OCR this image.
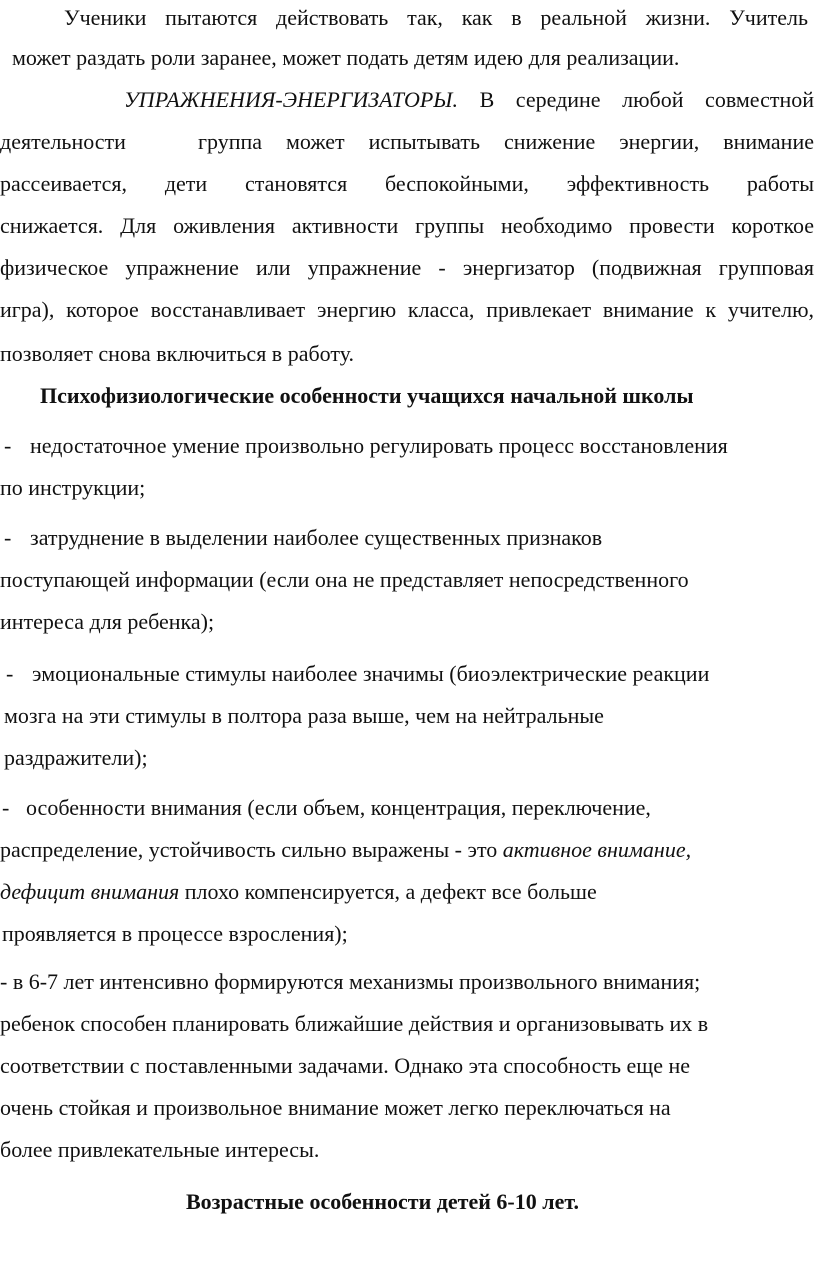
Ученики пытаются действовать так, как в реальной жизни. Учитель
может раздать роли заранее, может подать детям идею для реализации.
УПРАЖНЕНИЯ-ЭНЕРГИЗАТОРЫ. В середине любой совместной
деятельности	группа может испытывать снижение энергии, внимание
рассеивается, дети становятся беспокойными, эффективность работы
снижается. Для оживления активности группы необходимо провести короткое
физическое упражнение или упражнение - энергизатор (подвижная групповая
игра), которое восстанавливает энергию класса, привлекает внимание к учителю,
позволяет снова включиться в работу.
Психофизиологические особенности учащихся начальной школы
- недостаточное умение произвольно регулировать процесс восстановления
по инструкции;
- затруднение в выделении наиболее существенных признаков
поступающей информации (если она не представляет непосредственного
интереса для ребенка);
- эмоциональные стимулы наиболее значимы (биоэлектрические реакции
мозга на эти стимулы в полтора раза выше, чем на нейтральные
раздражители);
- особенности внимания (если объем, концентрация, переключение,
распределение, устойчивость сильно выражены - это активное внимание,
дефицит внимания плохо компенсируется, а дефект все больше
проявляется в процессе взросления);
- в 6-7 лет интенсивно формируются механизмы произвольного внимания;
ребенок способен планировать ближайшие действия и организовывать их в
соответствии с поставленными задачами. Однако эта способность еще не
очень стойкая и произвольное внимание может легко переключаться на
более привлекательные интересы.
Возрастные особенности детей 6-10 лет.
